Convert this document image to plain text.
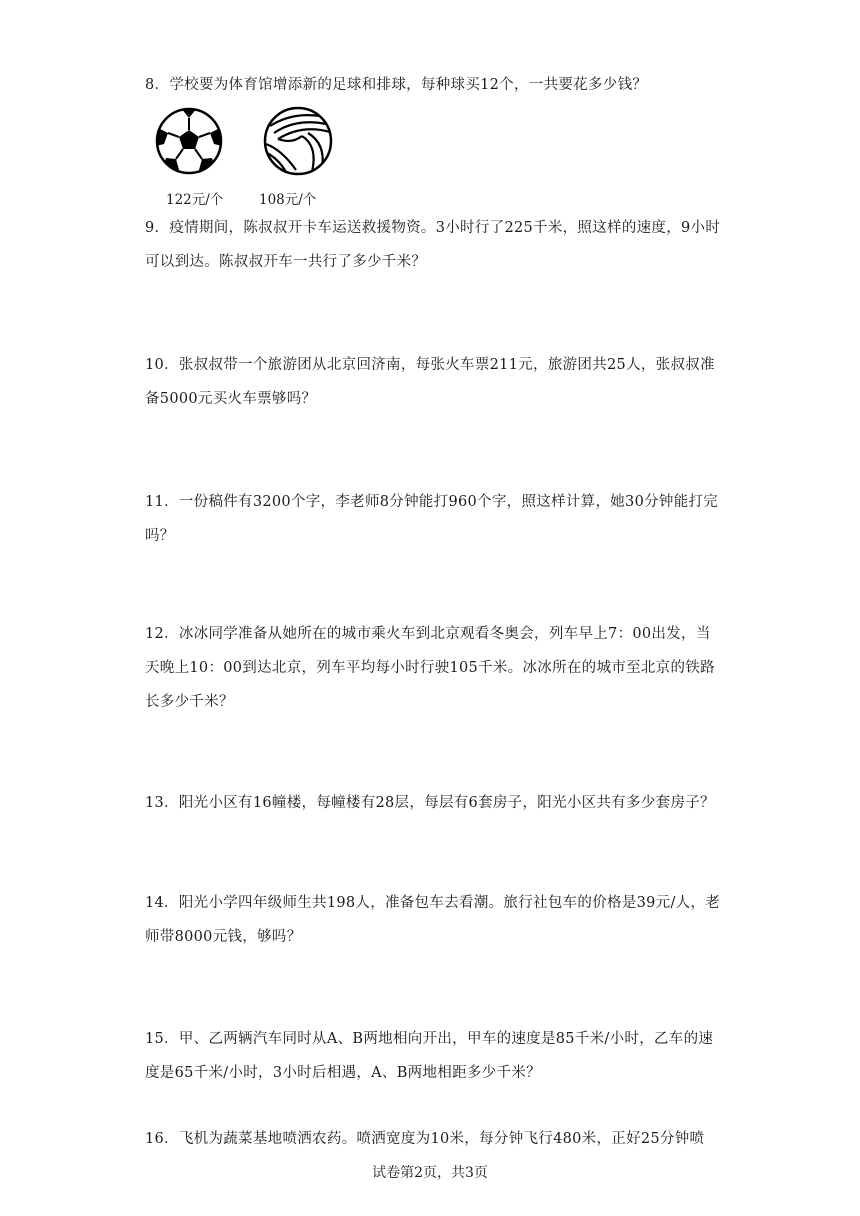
8．学校要为体育馆增添新的足球和排球，每种球买12个，一共要花多少钱？

122元/个	108元/个

9．疫情期间，陈叔叔开卡车运送救援物资。3小时行了225千米，照这样的速度，9小时可以到达。陈叔叔开车一共行了多少千米？

10．张叔叔带一个旅游团从北京回济南，每张火车票211元，旅游团共25人，张叔叔准备5000元买火车票够吗？

11．一份稿件有3200个字，李老师8分钟能打960个字，照这样计算，她30分钟能打完吗？

12．冰冰同学准备从她所在的城市乘火车到北京观看冬奥会，列车早上7：00出发，当天晚上10：00到达北京，列车平均每小时行驶105千米。冰冰所在的城市至北京的铁路长多少千米？

13．阳光小区有16幢楼，每幢楼有28层，每层有6套房子，阳光小区共有多少套房子？

14．阳光小学四年级师生共198人，准备包车去看潮。旅行社包车的价格是39元/人，老师带8000元钱，够吗？

15．甲、乙两辆汽车同时从A、B两地相向开出，甲车的速度是85千米/小时，乙车的速度是65千米/小时，3小时后相遇，A、B两地相距多少千米？

16．飞机为蔬菜基地喷洒农药。喷洒宽度为10米，每分钟飞行480米，正好25分钟喷

试卷第2页，共3页
